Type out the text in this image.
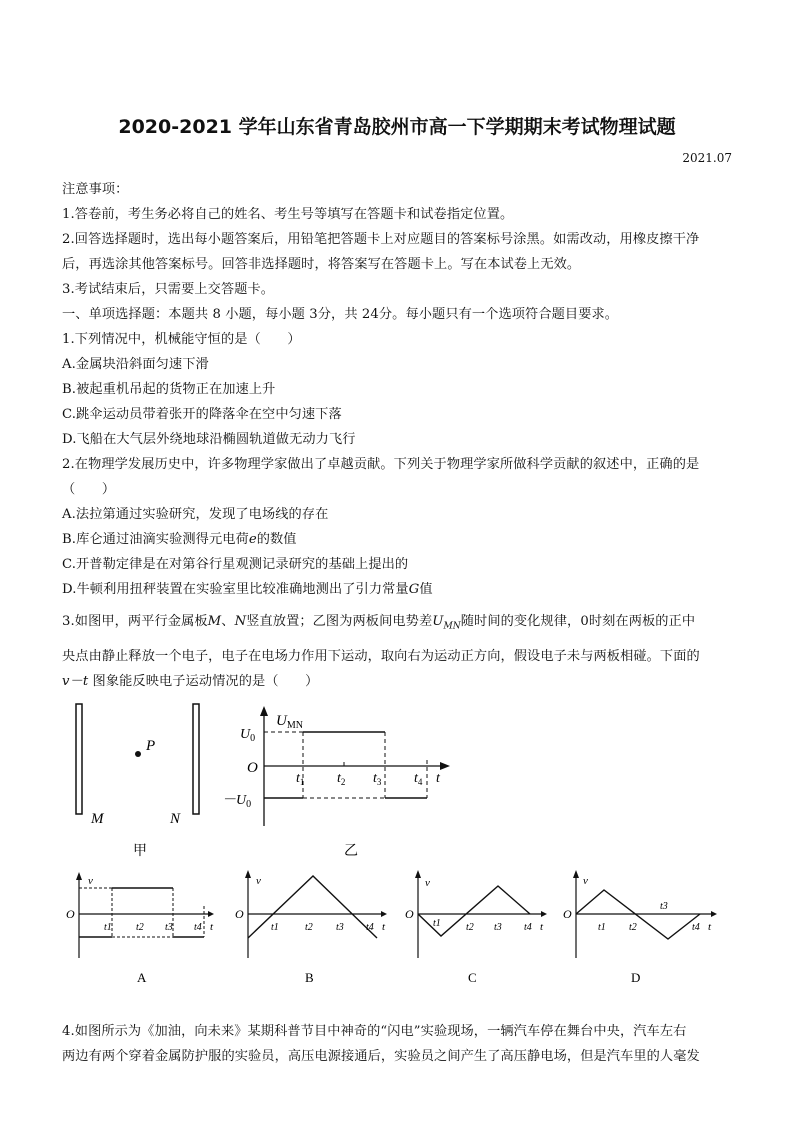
2020-2021 学年山东省青岛胶州市高一下学期期末考试物理试题
2021.07
注意事项：
1.答卷前，考生务必将自己的姓名、考生号等填写在答题卡和试卷指定位置。
2.回答选择题时，选出每小题答案后，用铅笔把答题卡上对应题目的答案标号涂黑。如需改动，用橡皮擦干净
后，再选涂其他答案标号。回答非选择题时，将答案写在答题卡上。写在本试卷上无效。
3.考试结束后，只需要上交答题卡。
一、单项选择题：本题共 8 小题，每小题 3分，共 24分。每小题只有一个选项符合题目要求。
1.下列情况中，机械能守恒的是（　　）
A.金属块沿斜面匀速下滑
B.被起重机吊起的货物正在加速上升
C.跳伞运动员带着张开的降落伞在空中匀速下落
D.飞船在大气层外绕地球沿椭圆轨道做无动力飞行
2.在物理学发展历史中，许多物理学家做出了卓越贡献。下列关于物理学家所做科学贡献的叙述中，正确的是
（　　）
A.法拉第通过实验研究，发现了电场线的存在
B.库仑通过油滴实验测得元电荷e的数值
C.开普勒定律是在对第谷行星观测记录研究的基础上提出的
D.牛顿利用扭秤装置在实验室里比较准确地测出了引力常量G值
3.如图甲，两平行金属板M、N竖直放置；乙图为两板间电势差$U_{MN}$随时间的变化规律，0时刻在两板的正中
央点由静止释放一个电子，电子在电场力作用下运动，取向右为运动正方向，假设电子未与两板相碰。下面的
v－t 图象能反映电子运动情况的是（　　）
P
M	N
甲
$U_{MN}$
$U_0$
$-U_0$
O
$t_1$ $t_2$ $t_3$ $t_4$ t
乙
v
O
t1 t2 t3 t4 t
A
v
O
t1	t2 t3 t4 t
B
v
O
t1	t2 t3 t4 t
C
v
O
t1 t2
t3
t4 t
D
4.如图所示为《加油，向未来》某期科普节目中神奇的“闪电”实验现场，一辆汽车停在舞台中央，汽车左右
两边有两个穿着金属防护服的实验员，高压电源接通后，实验员之间产生了高压静电场，但是汽车里的人毫发
